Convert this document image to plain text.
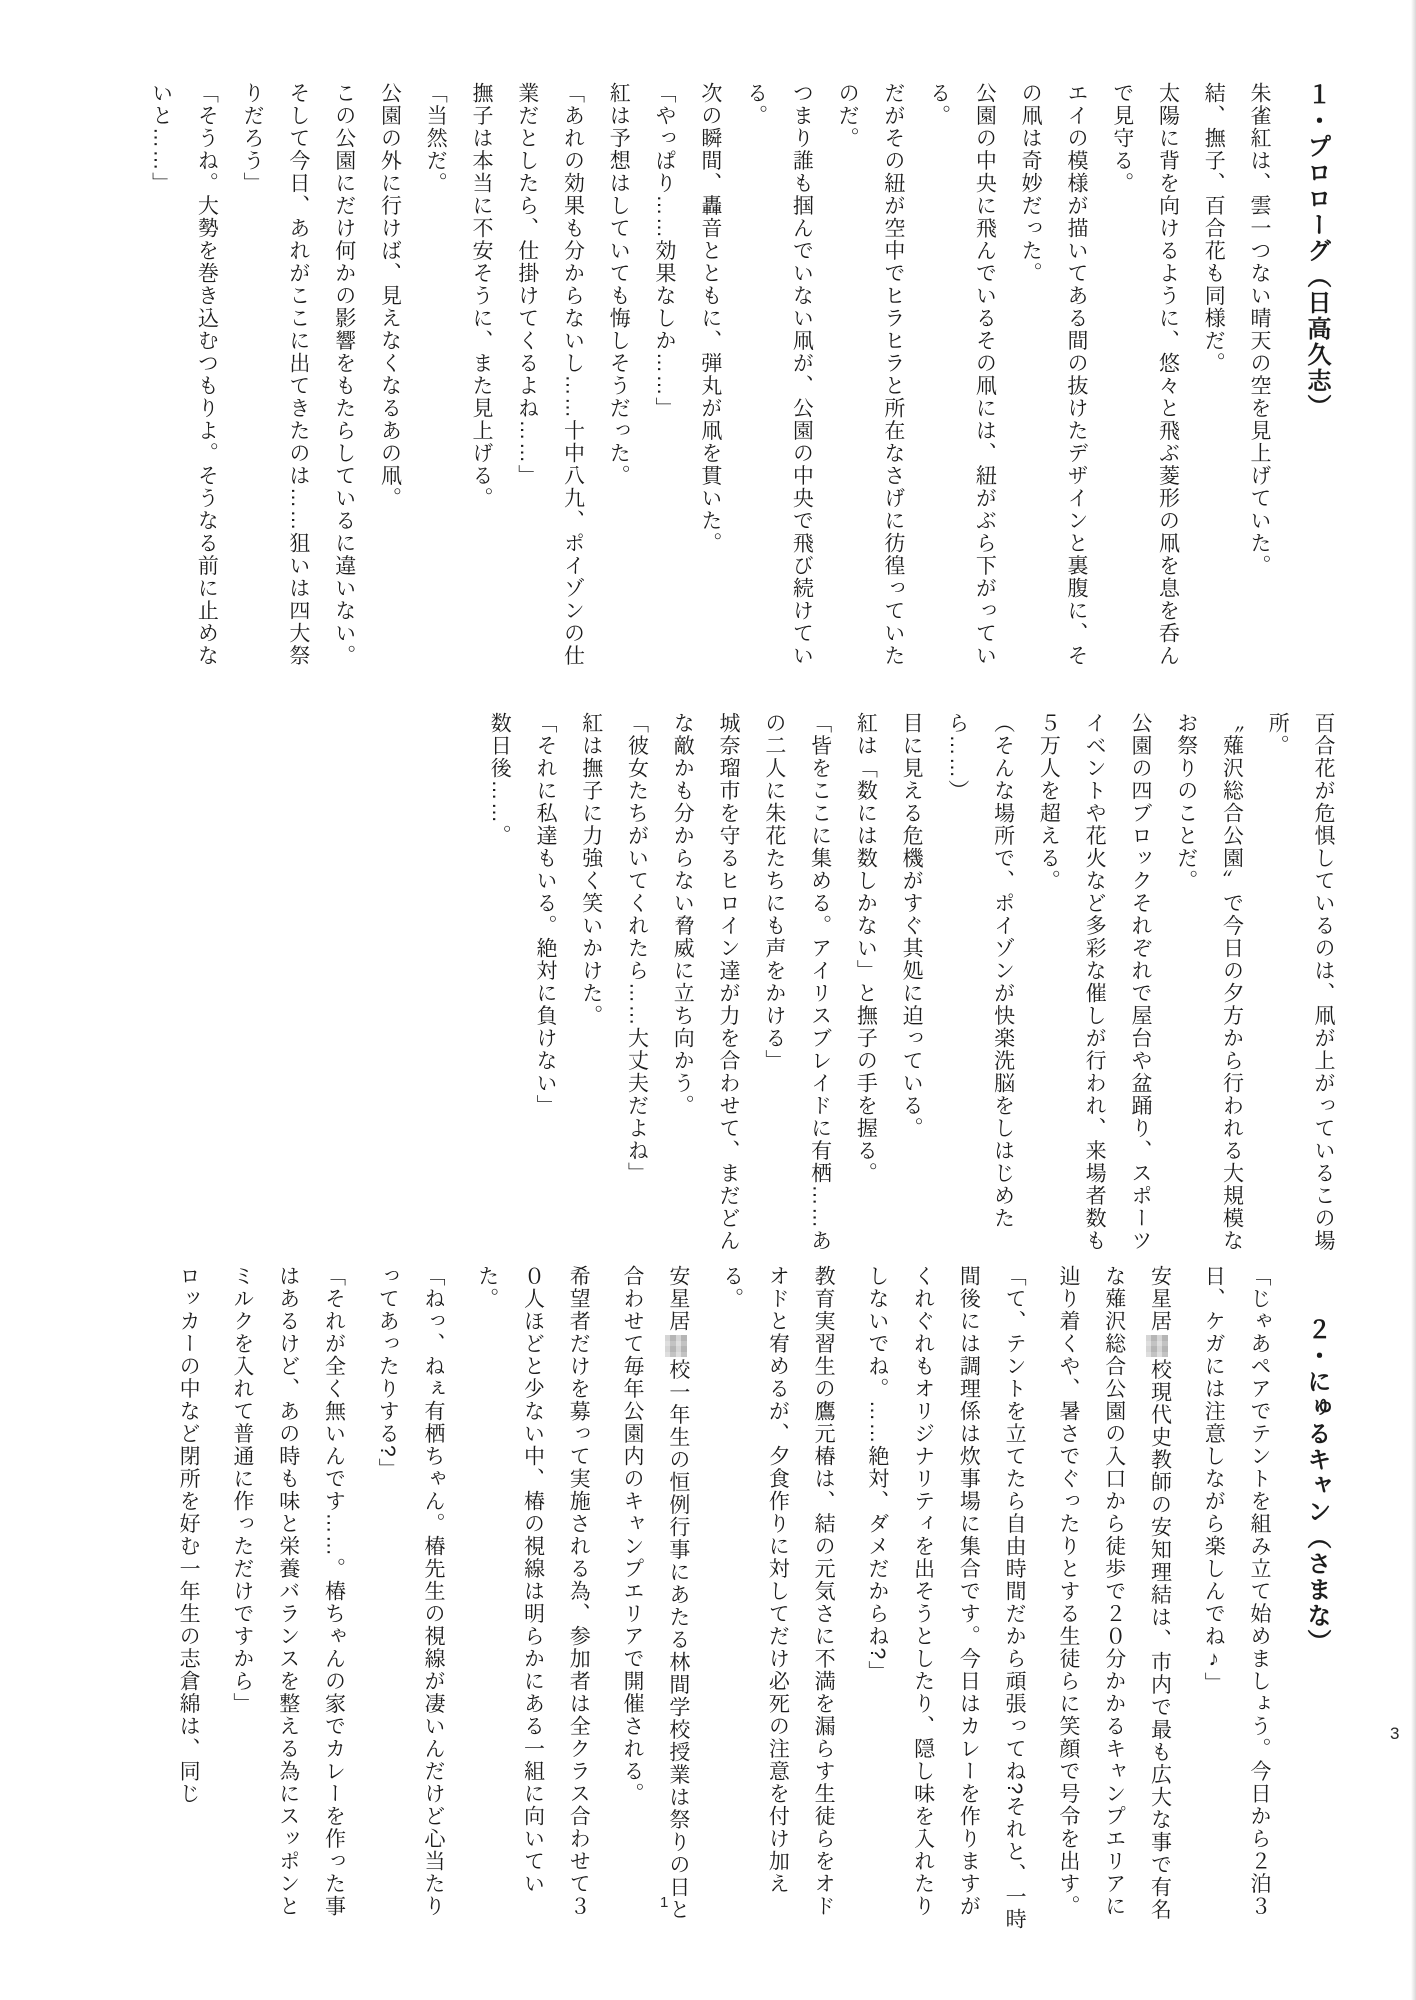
１・プロローグ（日高久志）

朱雀紅は、雲一つない晴天の空を見上げていた。

結、撫子、百合花も同様だ。

太陽に背を向けるように、悠々と飛ぶ菱形の凧を息を呑んで見守る。

エイの模様が描いてある間の抜けたデザインと裏腹に、その凧は奇妙だった。

公園の中央に飛んでいるその凧には、紐がぶら下がっている。

だがその紐が空中でヒラヒラと所在なさげに彷徨っていたのだ。

つまり誰も掴んでいない凧が、公園の中央で飛び続けている。

次の瞬間、轟音とともに、弾丸が凧を貫いた。

「やっぱり……効果なしか……」

紅は予想はしていても悔しそうだった。

「あれの効果も分からないし……十中八九、ポイゾンの仕業だとしたら、仕掛けてくるよね……」

撫子は本当に不安そうに、また見上げる。

「当然だ。

公園の外に行けば、見えなくなるあの凧。

この公園にだけ何かの影響をもたらしているに違いない。

そして今日、あれがここに出てきたのは……狙いは四大祭りだろう」

「そうね。大勢を巻き込むつもりよ。そうなる前に止めないと……」

百合花が危惧しているのは、凧が上がっているこの場所。

〝薙沢総合公園〟で今日の夕方から行われる大規模なお祭りのことだ。

公園の四ブロックそれぞれで屋台や盆踊り、スポーツイベントや花火など多彩な催しが行われ、来場者数も５万人を超える。

（そんな場所で、ポイゾンが快楽洗脳をしはじめたら……）

目に見える危機がすぐ其処に迫っている。

紅は「数には数しかない」と撫子の手を握る。

「皆をここに集める。アイリスブレイドに有栖……あの二人に朱花たちにも声をかける」

城奈瑠市を守るヒロイン達が力を合わせて、まだどんな敵かも分からない脅威に立ち向かう。

「彼女たちがいてくれたら……大丈夫だよね」

紅は撫子に力強く笑いかけた。

「それに私達もいる。絶対に負けない」

数日後……。

２・にゅるキャン（さまな）

「じゃあペアでテントを組み立て始めましょう。今日から２泊３日、ケガには注意しながら楽しんでね♪」

安星居校現代史教師の安知理結は、市内で最も広大な事で有名な薙沢総合公園の入口から徒歩で２０分かかるキャンプエリアに辿り着くや、暑さでぐったりとする生徒らに笑顔で号令を出す。

「て、テントを立てたら自由時間だから頑張ってね?それと、一時間後には調理係は炊事場に集合です。今日はカレーを作りますがくれぐれもオリジナリティを出そうとしたり、隠し味を入れたりしないでね。……絶対、ダメだからね?」

教育実習生の鷹元椿は、結の元気さに不満を漏らす生徒らをオドオドと宥めるが、夕食作りに対してだけ必死の注意を付け加える。

安星居校一年生の恒例行事にあたる林間学校授業は祭りの日と合わせて毎年公園内のキャンプエリアで開催される。

希望者だけを募って実施される為、参加者は全クラス合わせて３０人ほどと少ない中、椿の視線は明らかにある一組に向いていた。

「ねっ、ねぇ有栖ちゃん。椿先生の視線が凄いんだけど心当たりってあったりする?」

「それが全く無いんです……。椿ちゃんの家でカレーを作った事はあるけど、あの時も味と栄養バランスを整える為にスッポンとミルクを入れて普通に作っただけですから」

ロッカーの中など閉所を好む一年生の志倉綿は、同じ	3
1
